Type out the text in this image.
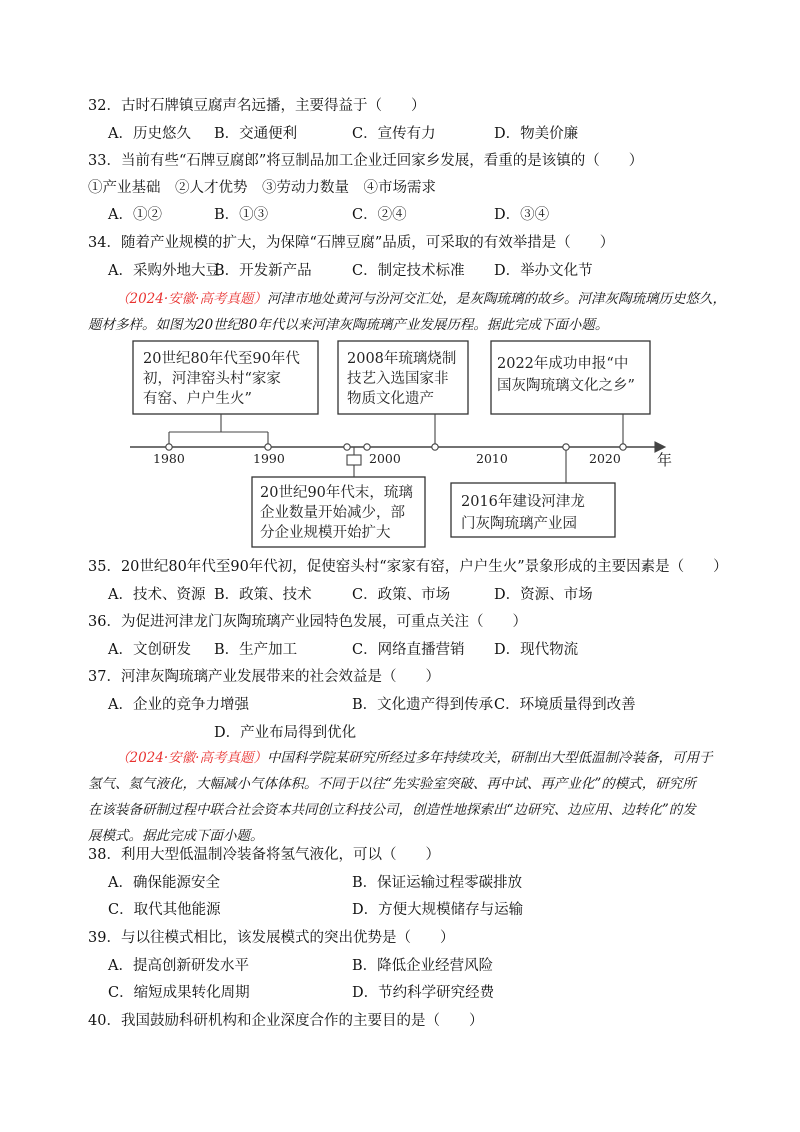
32．古时石牌镇豆腐声名远播，主要得益于（　　）
A．历史悠久 B．交通便利	C．宣传有力	D．物美价廉
33．当前有些“石牌豆腐郎”将豆制品加工企业迁回家乡发展，看重的是该镇的（　　）
①产业基础　②人才优势　③劳动力数量　④市场需求
A．①②	B．①③	C．②④	D．③④
34．随着产业规模的扩大，为保障“石牌豆腐”品质，可采取的有效举措是（　　）
A．采购外地大豆
B．开发新产品	C．制定技术标准 D．举办文化节

（2024·安徽·高考真题）河津市地处黄河与汾河交汇处，是灰陶琉璃的故乡。河津灰陶琉璃历史悠久，

题材多样。如图为20世纪80年代以来河津灰陶琉璃产业发展历程。据此完成下面小题。

1980	1990	2000	2010	2020 年
20世纪80年代至90年代
初，河津窑头村“家家
有窑、户户生火”
2008年琉璃烧制
技艺入选国家非
物质文化遗产
2022年成功申报“中
国灰陶琉璃文化之乡”
20世纪90年代末，琉璃
企业数量开始减少，部
分企业规模开始扩大
2016年建设河津龙
门灰陶琉璃产业园
35．20世纪80年代至90年代初，促使窑头村“家家有窑，户户生火”景象形成的主要因素是（　　）
A．技术、资源 B．政策、技术	C．政策、市场	D．资源、市场
36．为促进河津龙门灰陶琉璃产业园特色发展，可重点关注（　　）
A．文创研发 B．生产加工	C．网络直播营销 D．现代物流
37．河津灰陶琉璃产业发展带来的社会效益是（　　）
A．企业的竞争力增强	B．文化遗产得到传承 C．环境质量得到改善
D．产业布局得到优化

（2024·安徽·高考真题）中国科学院某研究所经过多年持续攻关，研制出大型低温制冷装备，可用于

氢气、氦气液化，大幅减小气体体积。不同于以往“先实验室突破、再中试、再产业化”的模式，研究所

在该装备研制过程中联合社会资本共同创立科技公司，创造性地探索出“边研究、边应用、边转化”的发

展模式。据此完成下面小题。

38．利用大型低温制冷装备将氢气液化，可以（　　）
A．确保能源安全	B．保证运输过程零碳排放
C．取代其他能源	D．方便大规模储存与运输
39．与以往模式相比，该发展模式的突出优势是（　　）
A．提高创新研发水平	B．降低企业经营风险
C．缩短成果转化周期	D．节约科学研究经费
40．我国鼓励科研机构和企业深度合作的主要目的是（　　）
